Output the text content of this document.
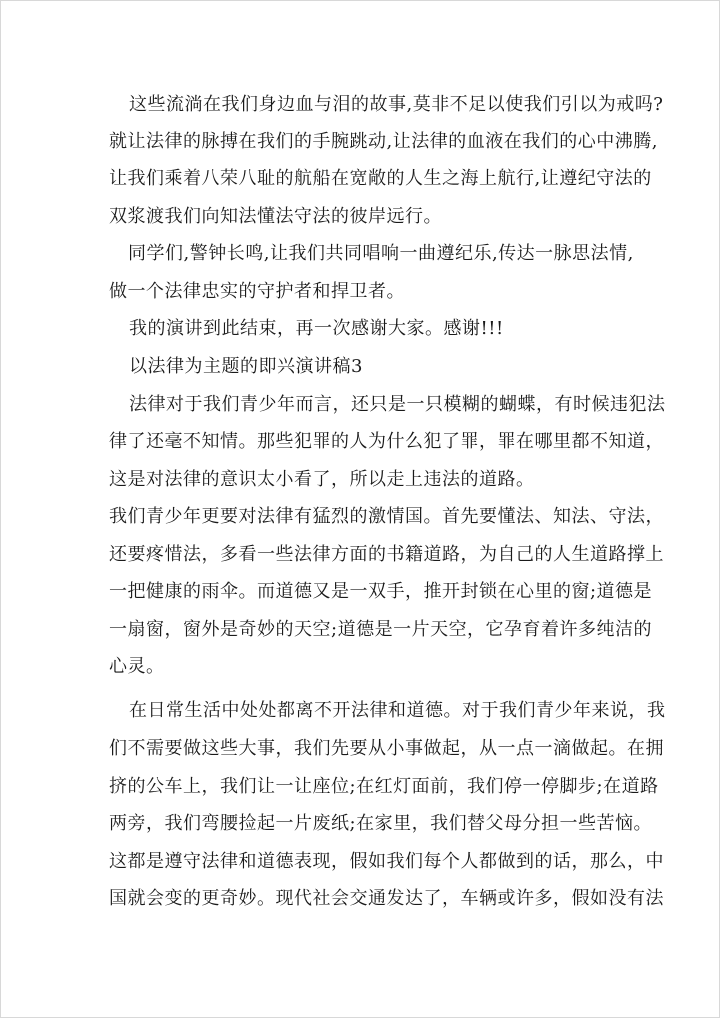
这些流淌在我们身边血与泪的故事,莫非不足以使我们引以为戒吗?
就让法律的脉搏在我们的手腕跳动,让法律的血液在我们的心中沸腾,
让我们乘着八荣八耻的航船在宽敞的人生之海上航行,让遵纪守法的
双浆渡我们向知法懂法守法的彼岸远行。
同学们,警钟长鸣,让我们共同唱响一曲遵纪乐,传达一脉思法情,
做一个法律忠实的守护者和捍卫者。
我的演讲到此结束，再一次感谢大家。感谢!!!
以法律为主题的即兴演讲稿3
法律对于我们青少年而言，还只是一只模糊的蝴蝶，有时候违犯法
律了还毫不知情。那些犯罪的人为什么犯了罪，罪在哪里都不知道，
这是对法律的意识太小看了，所以走上违法的道路。
我们青少年更要对法律有猛烈的激情国。首先要懂法、知法、守法，
还要疼惜法，多看一些法律方面的书籍道路，为自己的人生道路撑上
一把健康的雨伞。而道德又是一双手，推开封锁在心里的窗;道德是
一扇窗，窗外是奇妙的天空;道德是一片天空，它孕育着许多纯洁的
心灵。
在日常生活中处处都离不开法律和道德。对于我们青少年来说，我
们不需要做这些大事，我们先要从小事做起，从一点一滴做起。在拥
挤的公车上，我们让一让座位;在红灯面前，我们停一停脚步;在道路
两旁，我们弯腰捡起一片废纸;在家里，我们替父母分担一些苦恼。
这都是遵守法律和道德表现，假如我们每个人都做到的话，那么，中
国就会变的更奇妙。现代社会交通发达了，车辆或许多，假如没有法
